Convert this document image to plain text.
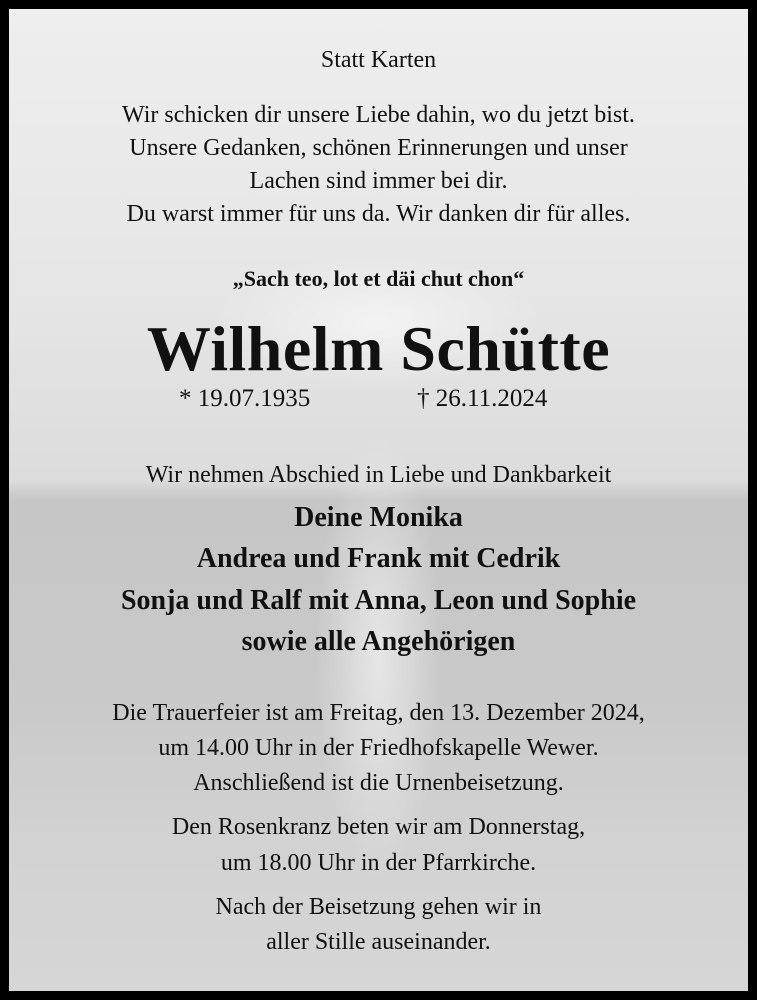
Statt Karten
Wir schicken dir unsere Liebe dahin, wo du jetzt bist.
Unsere Gedanken, schönen Erinnerungen und unser
Lachen sind immer bei dir.
Du warst immer für uns da. Wir danken dir für alles.
„Sach teo, lot et däi chut chon“
Wilhelm Schütte
* 19.07.1935	† 26.11.2024
Wir nehmen Abschied in Liebe und Dankbarkeit
Deine Monika
Andrea und Frank mit Cedrik
Sonja und Ralf mit Anna, Leon und Sophie
sowie alle Angehörigen
Die Trauerfeier ist am Freitag, den 13. Dezember 2024,
um 14.00 Uhr in der Friedhofskapelle Wewer.
Anschließend ist die Urnenbeisetzung.
Den Rosenkranz beten wir am Donnerstag,
um 18.00 Uhr in der Pfarrkirche.
Nach der Beisetzung gehen wir in
aller Stille auseinander.
